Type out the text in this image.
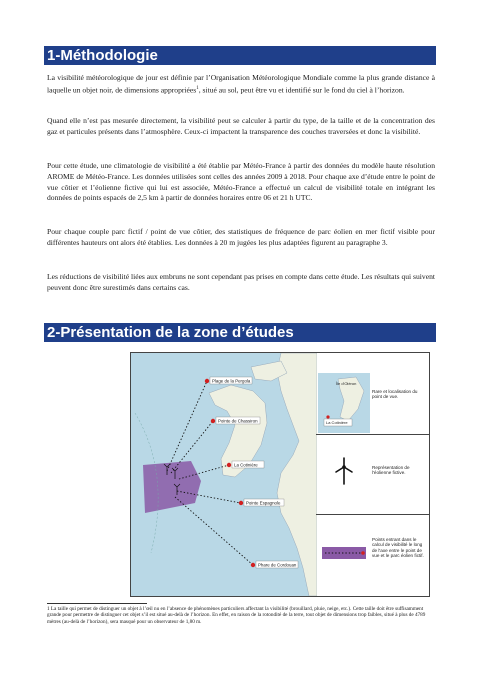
1-Méthodologie

La visibilité météorologique de jour est définie par l’Organisation Météorologique Mondiale comme la plus grande distance à laquelle un objet noir, de dimensions appropriées$^1$, situé au sol, peut être vu et identifié sur le fond du ciel à l’horizon.

Quand elle n’est pas mesurée directement, la visibilité peut se calculer à partir du type, de la taille et de la concentration des gaz et particules présents dans l’atmosphère. Ceux-ci impactent la transparence des couches traversées et donc la visibilité.

Pour cette étude, une climatologie de visibilité a été établie par Météo-France à partir des données du modèle haute résolution AROME de Météo-France. Les données utilisées sont celles des années 2009 à 2018. Pour chaque axe d’étude entre le point de vue côtier et l’éolienne fictive qui lui est associée, Météo-France a effectué un calcul de visibilité totale en intégrant les données de points espacés de 2,5 km à partir de données horaires entre 06 et 21 h UTC.

Pour chaque couple parc fictif / point de vue côtier, des statistiques de fréquence de parc éolien en mer fictif visible pour différentes hauteurs ont alors été établies. Les données à 20 m jugées les plus adaptées figurent au paragraphe 3.

Les réductions de visibilité liées aux embruns ne sont cependant pas prises en compte dans cette étude. Les résultats qui suivent peuvent donc être surestimés dans certains cas.

2-Présentation de la zone d’études
Plage de la Pergola
Pointe de Chassiron
La Cotinière
Pointe Espagnole
Phare de Cordouan
Île d'Oléron
La Cotinière
Rare et localisation du point de vue.
Représentation de l'éolienne fictive.
Points entrant dans le calcul de visibilité le long de l'axe entre le point de vue et le parc éolien fictif.

1 La taille qui permet de distinguer un objet à l’œil nu en l’absence de phénomènes particuliers affectant la visibilité (brouillard, pluie, neige, etc.). Cette taille doit être suffisamment grande pour permettre de distinguer cet objet s’il est situé au-delà de l’horizon. En effet, en raison de la rotondité de la terre, tout objet de dimensions trop faibles, situé à plus de 4789 mètres (au-delà de l’horizon), sera masqué pour un observateur de 1,80 m.
